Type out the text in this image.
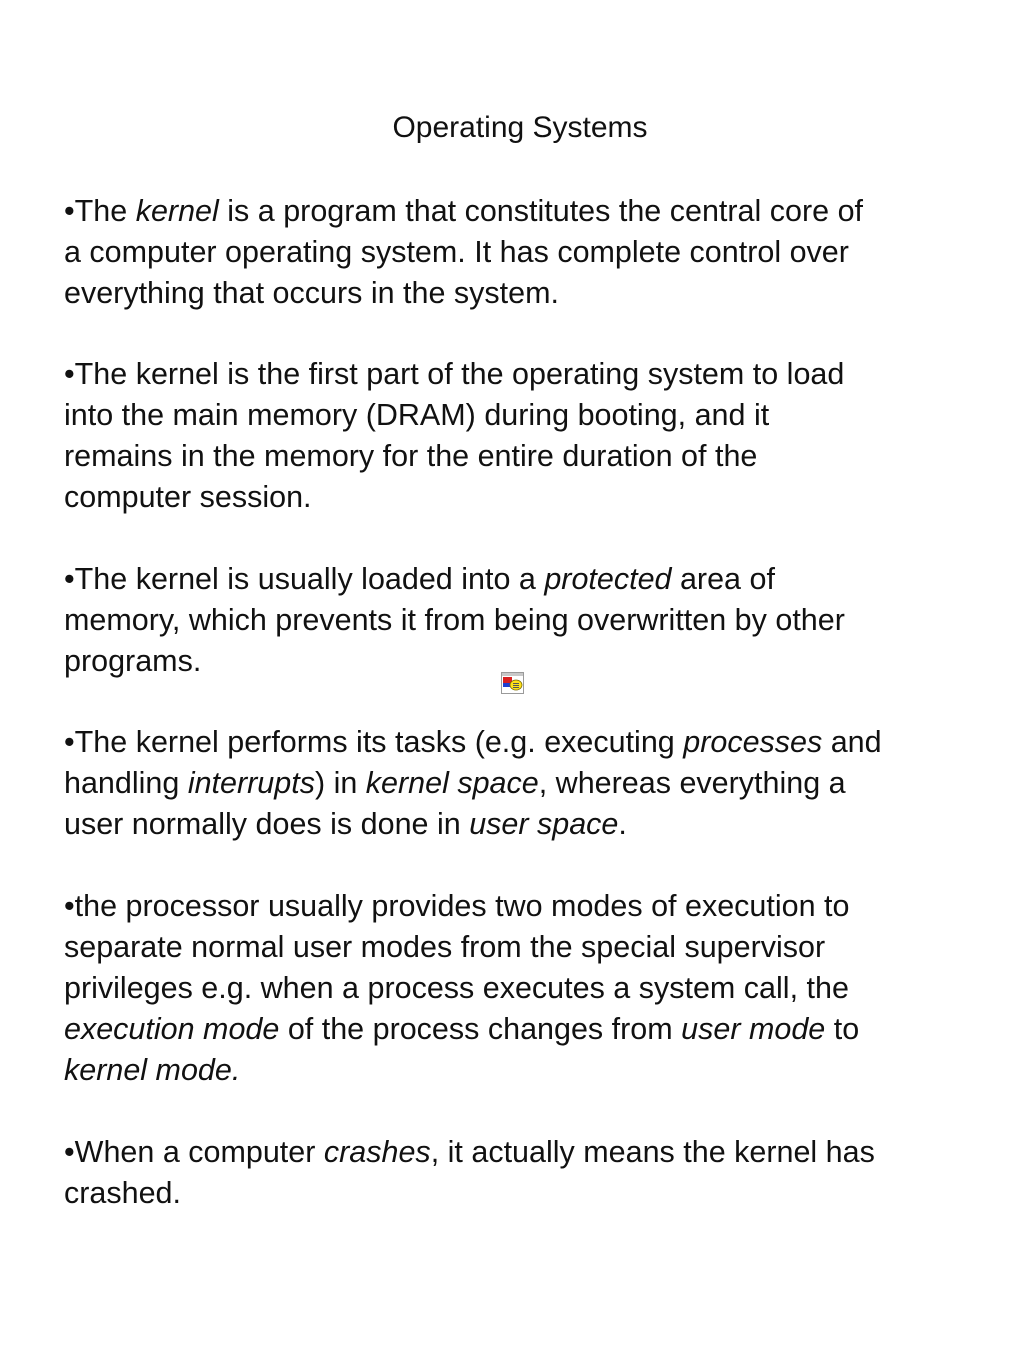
Operating Systems
•The kernel is a program that constitutes the central core of
a computer operating system. It has complete control over
everything that occurs in the system.
•The kernel is the first part of the operating system to load
into the main memory (DRAM) during booting, and it
remains in the memory for the entire duration of the
computer session.
•The kernel is usually loaded into a protected area of
memory, which prevents it from being overwritten by other
programs.
•The kernel performs its tasks (e.g. executing processes and
handling interrupts) in kernel space, whereas everything a
user normally does is done in user space.
•the processor usually provides two modes of execution to
separate normal user modes from the special supervisor
privileges e.g. when a process executes a system call, the
execution mode of the process changes from user mode to
kernel mode.
•When a computer crashes, it actually means the kernel has
crashed.
